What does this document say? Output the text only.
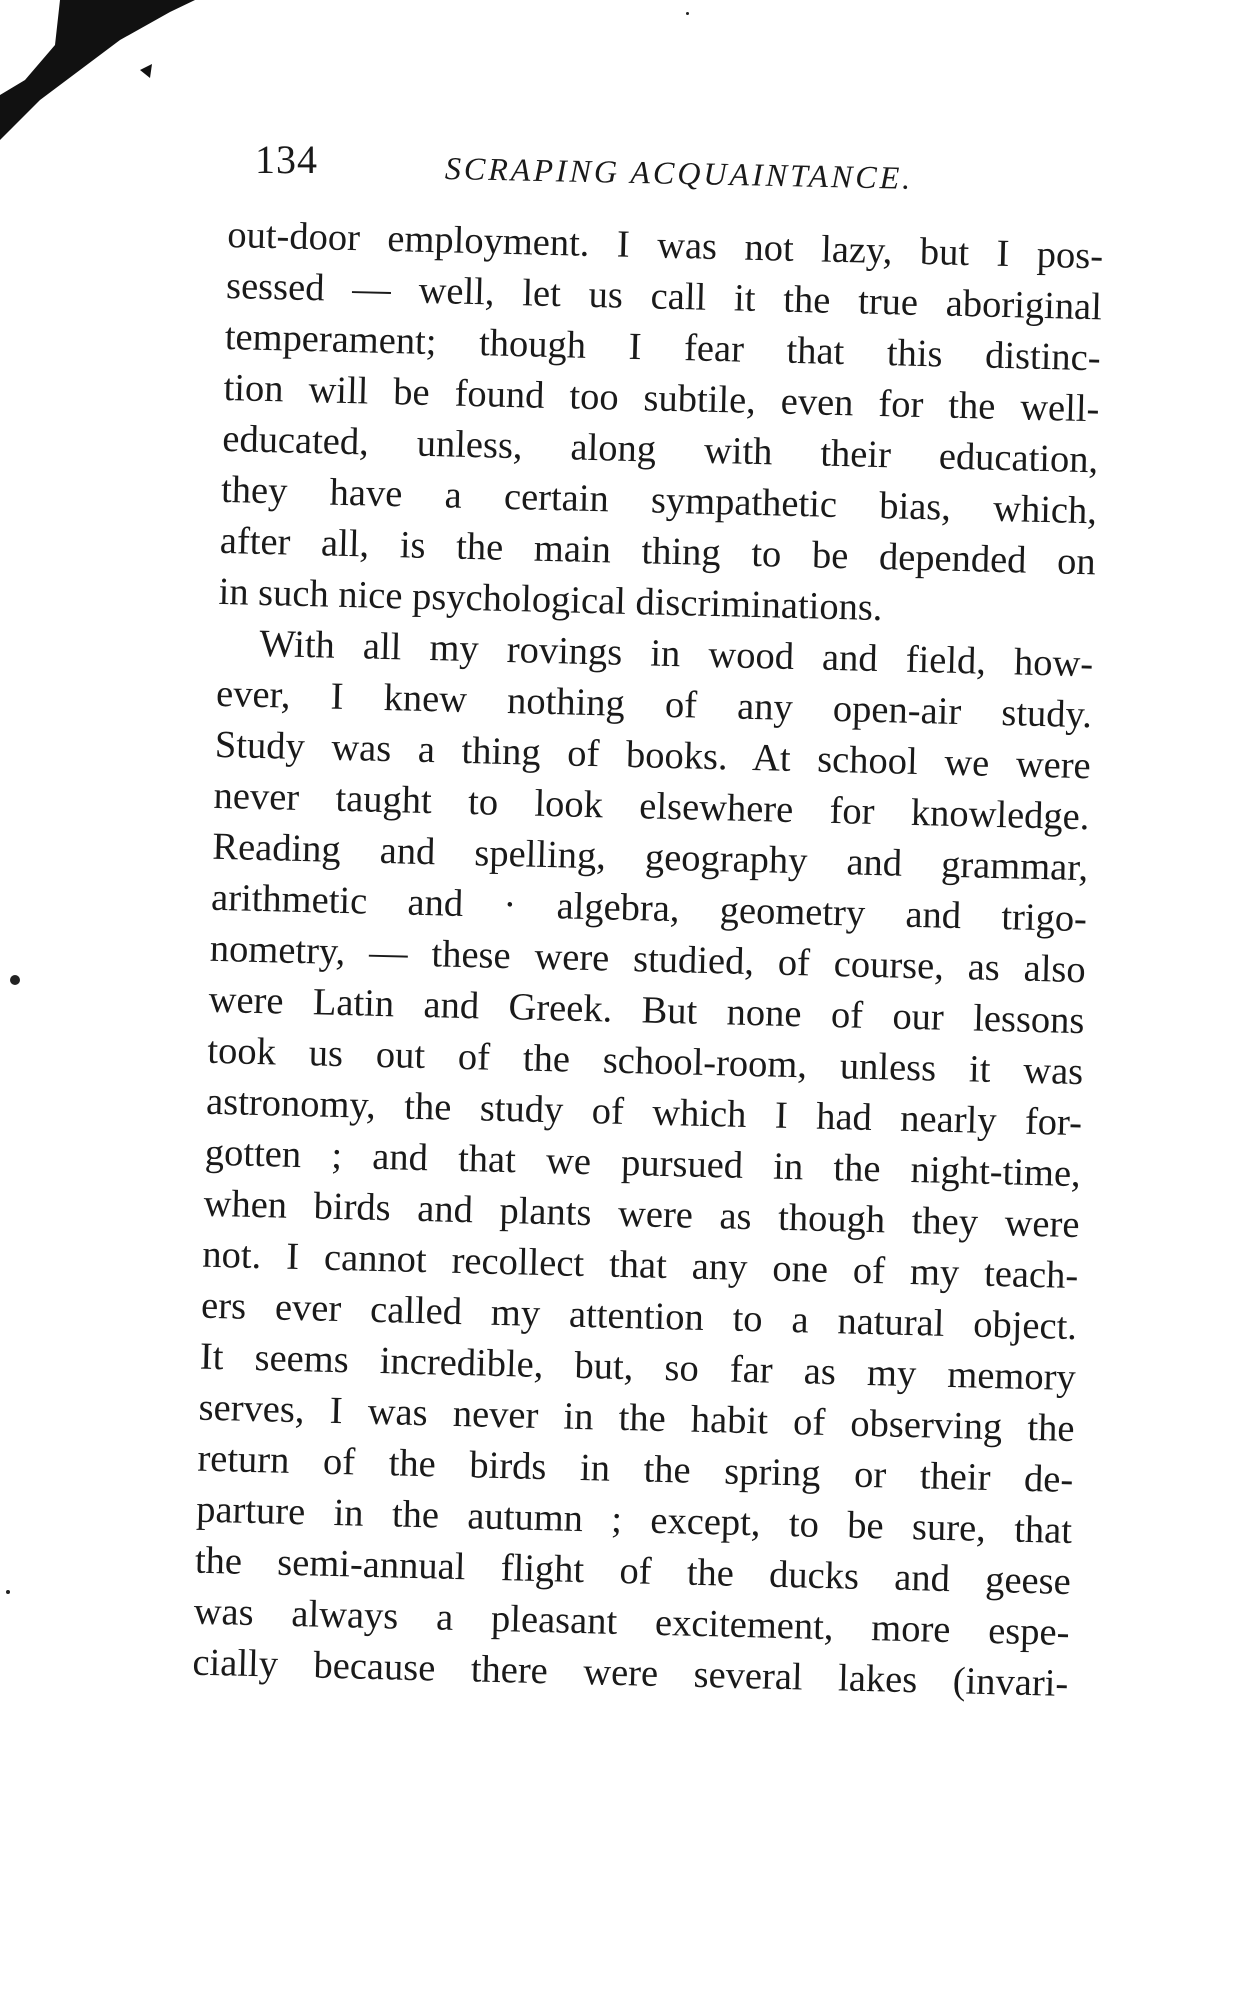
134	SCRAPING ACQUAINTANCE.
out-door employment. I was not lazy, but I pos-
sessed — well, let us call it the true aboriginal
temperament; though I fear that this distinc-
tion will be found too subtile, even for the well-
educated, unless, along with their education,
they have a certain sympathetic bias, which,
after all, is the main thing to be depended on
in such nice psychological discriminations.
With all my rovings in wood and field, how-
ever, I knew nothing of any open-air study.
Study was a thing of books. At school we were
never taught to look elsewhere for knowledge.
Reading and spelling, geography and grammar,
arithmetic and · algebra, geometry and trigo-
nometry, — these were studied, of course, as also
were Latin and Greek. But none of our lessons
took us out of the school-room, unless it was
astronomy, the study of which I had nearly for-
gotten ; and that we pursued in the night-time,
when birds and plants were as though they were
not. I cannot recollect that any one of my teach-
ers ever called my attention to a natural object.
It seems incredible, but, so far as my memory
serves, I was never in the habit of observing the
return of the birds in the spring or their de-
parture in the autumn ; except, to be sure, that
the semi-annual flight of the ducks and geese
was always a pleasant excitement, more espe-
cially because there were several lakes (invari-
